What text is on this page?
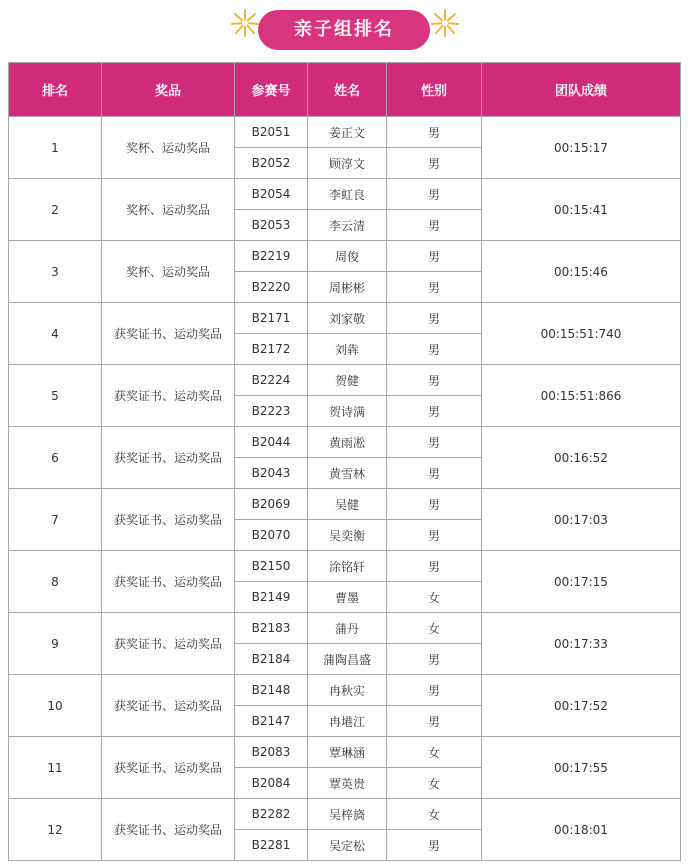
亲子组排名
排名	奖品	参赛号	姓名	性别	团队成绩
1	奖杯、运动奖品	B2051	姜正文	男	00:15:17
		B2052	顾淳文	男	
2	奖杯、运动奖品	B2054	李虹良	男	00:15:41
		B2053	李云清	男	
3	奖杯、运动奖品	B2219	周俊	男	00:15:46
		B2220	周彬彬	男	
4	获奖证书、运动奖品	B2171	刘家敬	男	00:15:51:740
		B2172	刘犇	男	
5	获奖证书、运动奖品	B2224	贺健	男	00:15:51:866
		B2223	贺诗满	男	
6	获奖证书、运动奖品	B2044	黄雨凇	男	00:16:52
		B2043	黄雪林	男	
7	获奖证书、运动奖品	B2069	吴健	男	00:17:03
		B2070	吴奕衡	男	
8	获奖证书、运动奖品	B2150	涂铭轩	男	00:17:15
		B2149	曹墨	女	
9	获奖证书、运动奖品	B2183	蒲丹	女	00:17:33
		B2184	蒲陶昌盛	男	
10	获奖证书、运动奖品	B2148	冉秋实	男	00:17:52
		B2147	冉塂江	男	
11	获奖证书、运动奖品	B2083	覃琳涵	女	00:17:55
		B2084	覃英贵	女	
12	获奖证书、运动奖品	B2282	吴梓旖	女	00:18:01
		B2281	吴定松	男	
